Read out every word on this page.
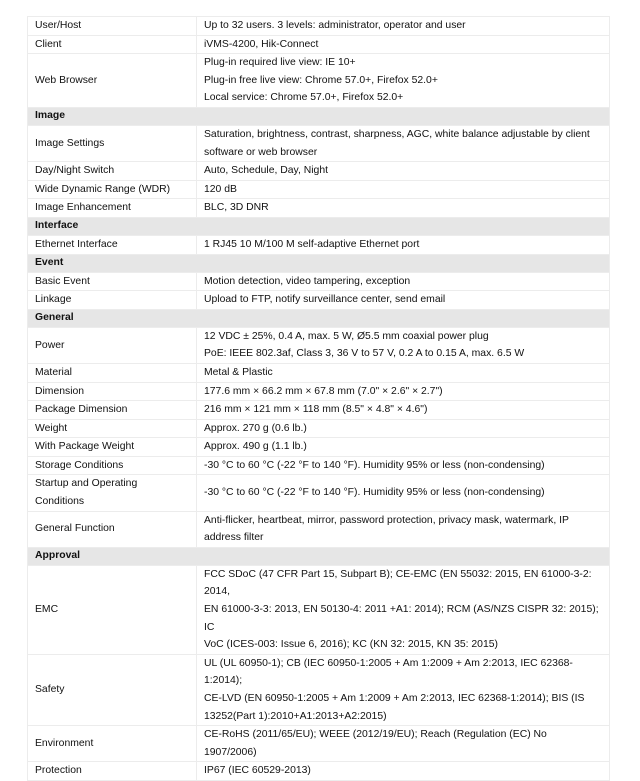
User/Host	Up to 32 users. 3 levels: administrator, operator and user

Client	iVMS-4200, Hik-Connect

Web Browser	Plug-in required live view: IE 10+
Plug-in free live view: Chrome 57.0+, Firefox 52.0+
Local service: Chrome 57.0+, Firefox 52.0+

Image	
Image Settings	Saturation, brightness, contrast, sharpness, AGC, white balance adjustable by client
software or web browser

Day/Night Switch	Auto, Schedule, Day, Night

Wide Dynamic Range (WDR)	120 dB

Image Enhancement	BLC, 3D DNR

Interface	
Ethernet Interface	1 RJ45 10 M/100 M self-adaptive Ethernet port

Event	
Basic Event	Motion detection, video tampering, exception

Linkage	Upload to FTP, notify surveillance center, send email

General	
Power	12 VDC ± 25%, 0.4 A, max. 5 W, Ø5.5 mm coaxial power plug
PoE: IEEE 802.3af, Class 3, 36 V to 57 V, 0.2 A to 0.15 A, max. 6.5 W

Material	Metal & Plastic

Dimension	177.6 mm × 66.2 mm × 67.8 mm (7.0" × 2.6" × 2.7")

Package Dimension	216 mm × 121 mm × 118 mm (8.5" × 4.8" × 4.6")

Weight	Approx. 270 g (0.6 lb.)

With Package Weight	Approx. 490 g (1.1 lb.)

Storage Conditions	-30 °C to 60 °C (-22 °F to 140 °F). Humidity 95% or less (non-condensing)

Startup and Operating Conditions	-30 °C to 60 °C (-22 °F to 140 °F). Humidity 95% or less (non-condensing)

General Function	Anti-flicker, heartbeat, mirror, password protection, privacy mask, watermark, IP
address filter

Approval	
EMC	FCC SDoC (47 CFR Part 15, Subpart B); CE-EMC (EN 55032: 2015, EN 61000-3-2: 2014,
EN 61000-3-3: 2013, EN 50130-4: 2011 +A1: 2014); RCM (AS/NZS CISPR 32: 2015); IC
VoC (ICES-003: Issue 6, 2016); KC (KN 32: 2015, KN 35: 2015)

Safety	UL (UL 60950-1); CB (IEC 60950-1:2005 + Am 1:2009 + Am 2:2013, IEC 62368-1:2014);
CE-LVD (EN 60950-1:2005 + Am 1:2009 + Am 2:2013, IEC 62368-1:2014); BIS (IS
13252(Part 1):2010+A1:2013+A2:2015)

Environment	CE-RoHS (2011/65/EU); WEEE (2012/19/EU); Reach (Regulation (EC) No 1907/2006)

Protection	IP67 (IEC 60529-2013)
